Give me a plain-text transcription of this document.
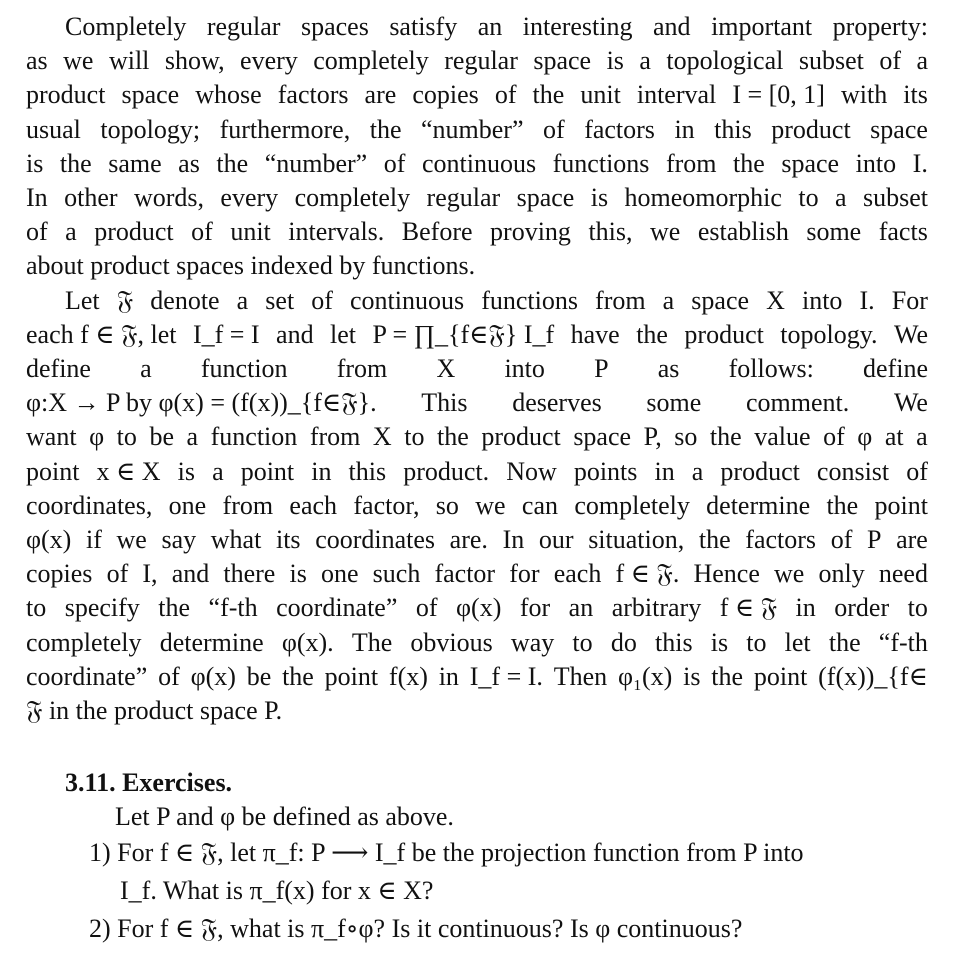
Completely regular spaces satisfy an interesting and important property:
as we will show, every completely regular space is a topological subset of a
product space whose factors are copies of the unit interval I = [0, 1] with its
usual topology; furthermore, the “number” of factors in this product space
is the same as the “number” of continuous functions from the space into I.
In other words, every completely regular space is homeomorphic to a subset
of a product of unit intervals. Before proving this, we establish some facts
about product spaces indexed by functions.
Let 𝔉 denote a set of continuous functions from a space X into I. For
each f ∈ 𝔉, let I_f = I and let P = ∏_{f∈𝔉} I_f have the product topology. We
define a function from X into P as follows: define
φ:X → P by φ(x) = (f(x))_{f∈𝔉}. This deserves some comment. We
want φ to be a function from X to the product space P, so the value of φ at a
point x ∈ X is a point in this product. Now points in a product consist of
coordinates, one from each factor, so we can completely determine the point
φ(x) if we say what its coordinates are. In our situation, the factors of P are
copies of I, and there is one such factor for each f ∈ 𝔉. Hence we only need
to specify the “f-th coordinate” of φ(x) for an arbitrary f ∈ 𝔉 in order to
completely determine φ(x). The obvious way to do this is to let the “f-th
coordinate” of φ(x) be the point f(x) in I_f = I. Then φ₁(x) is the point (f(x))_{f∈
𝔉 in the product space P.
3.11. Exercises.
Let P and φ be defined as above.
1) For f ∈ 𝔉, let π_f: P ⟶ I_f be the projection function from P into
I_f. What is π_f(x) for x ∈ X?
2) For f ∈ 𝔉, what is π_f∘φ? Is it continuous? Is φ continuous?
